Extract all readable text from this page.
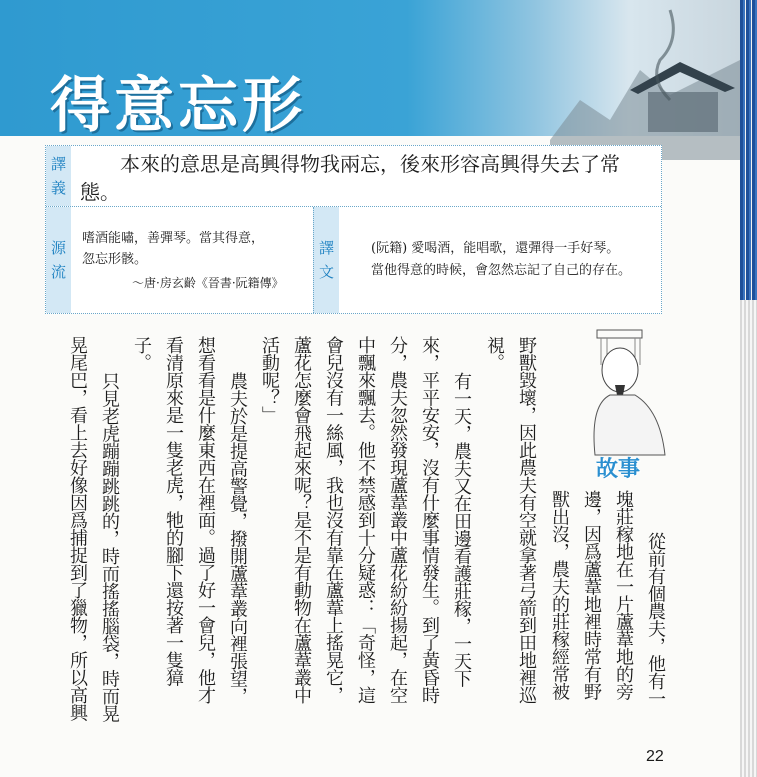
得意忘形
譯義
本來的意思是高興得物我兩忘，後來形容高興得失去了常態。
源流
嗜酒能嘯，善彈琴。當其得意，
忽忘形骸。
～唐·房玄齡《晉書·阮籍傳》
譯文
(阮籍) 愛喝酒，能唱歌，還彈得一手好琴。
當他得意的時候，會忽然忘記了自己的存在。
故事
從前有個農夫，他有一
塊莊稼地在一片蘆葦地的旁
邊，因爲蘆葦地裡時常有野
獸出沒，農夫的莊稼經常被
野獸毀壞，因此農夫有空就拿著弓箭到田地裡巡
視。
有一天，農夫又在田邊看護莊稼，一天下
來，平平安安，沒有什麼事情發生。到了黃昏時
分，農夫忽然發現蘆葦叢中蘆花紛紛揚起，在空
中飄來飄去。他不禁感到十分疑惑：「奇怪，這
會兒沒有一絲風，我也沒有靠在蘆葦上搖晃它，
蘆花怎麼會飛起來呢？是不是有動物在蘆葦叢中
活動呢？」
農夫於是提高警覺，撥開蘆葦叢向裡張望，
想看看是什麼東西在裡面。過了好一會兒，他才
看清原來是一隻老虎，牠的腳下還按著一隻獐
子。
只見老虎蹦蹦跳跳的，時而搖搖腦袋，時而晃
晃尾巴，看上去好像因爲捕捉到了獵物，所以高興
22
